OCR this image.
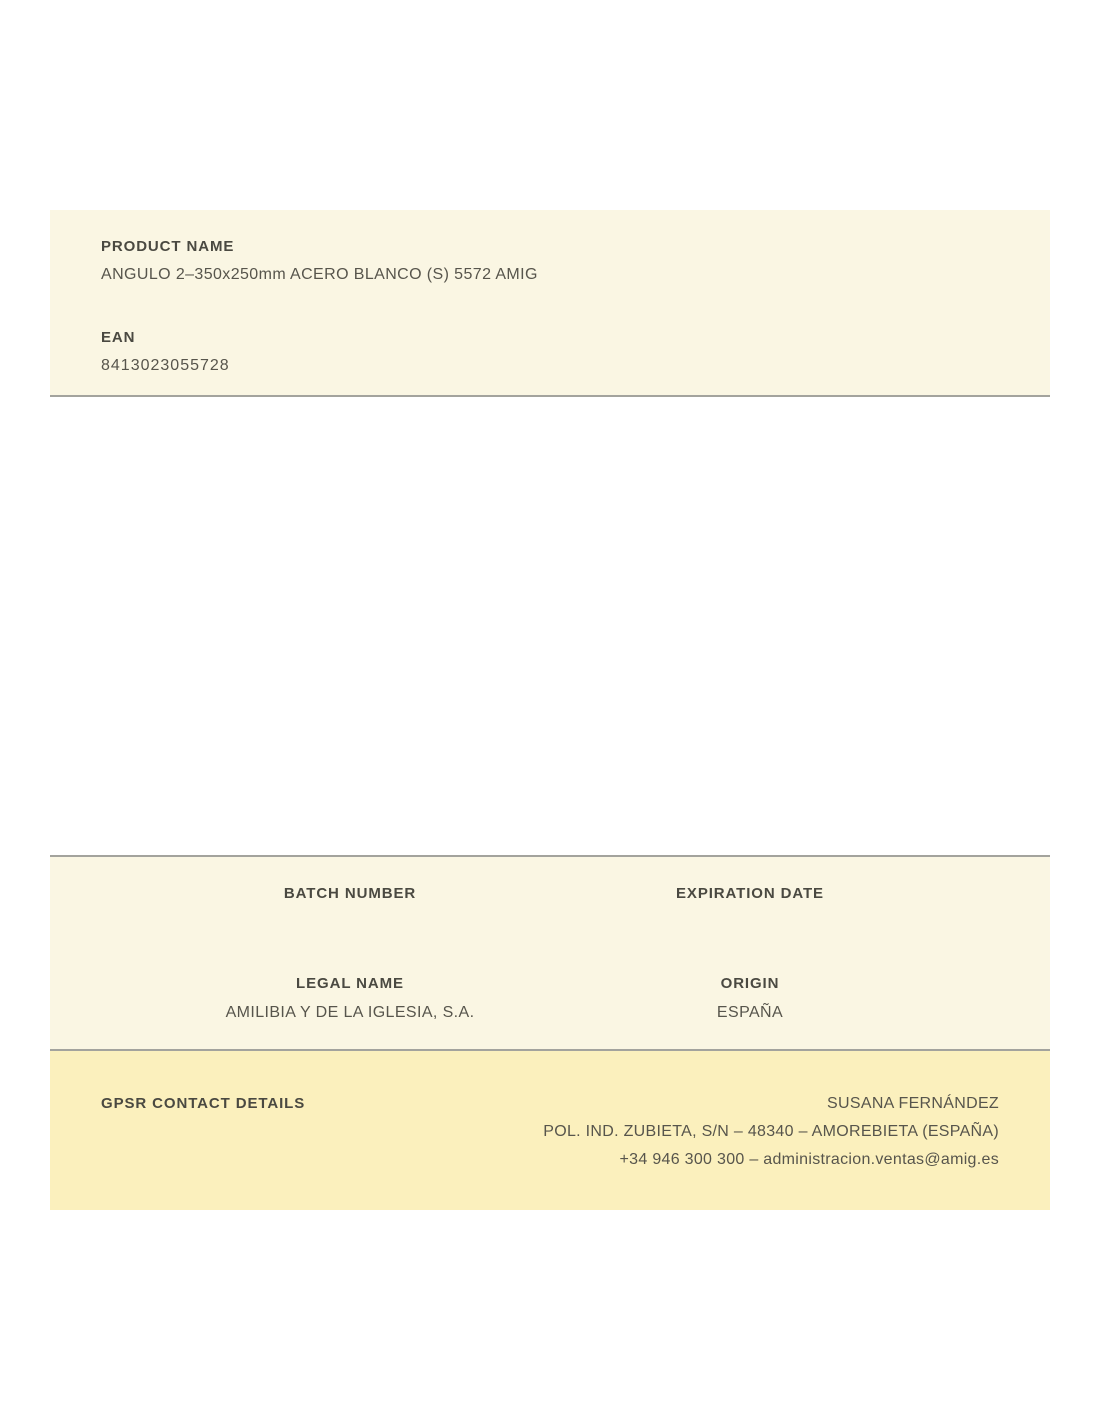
PRODUCT NAME
ANGULO 2–350x250mm ACERO BLANCO (S) 5572 AMIG
EAN
8413023055728
BATCH NUMBER	EXPIRATION DATE
LEGAL NAME
AMILIBIA Y DE LA IGLESIA, S.A.
ORIGIN
ESPAÑA
GPSR CONTACT DETAILS	SUSANA FERNÁNDEZ
POL. IND. ZUBIETA, S/N – 48340 – AMOREBIETA (ESPAÑA)
+34 946 300 300 – administracion.ventas@amig.es
